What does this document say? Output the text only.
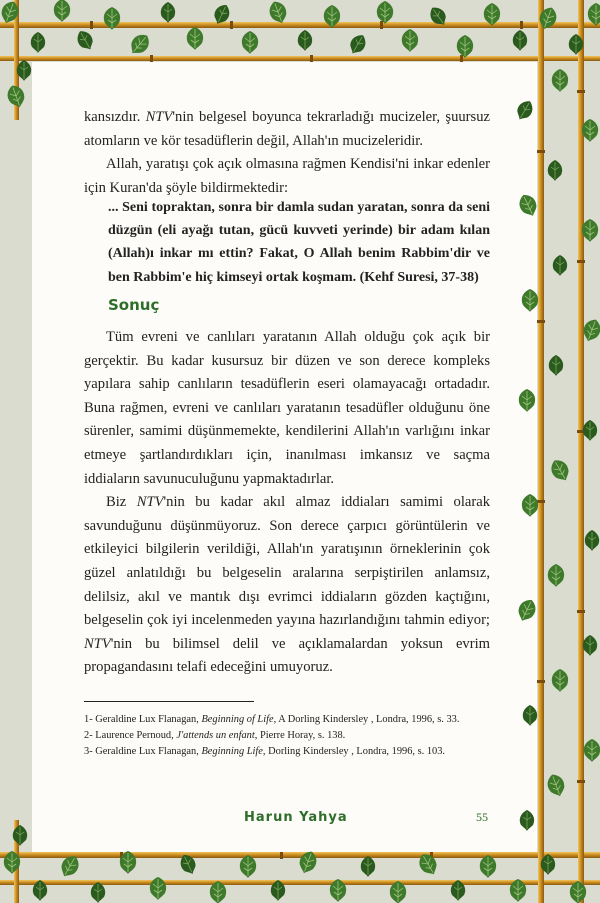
kansızdır. NTV'nin belgesel boyunca tekrarladığı mucizeler, şuursuz atomların ve kör tesadüflerin değil, Allah'ın mucizeleridir.

Allah, yaratışı çok açık olmasına rağmen Kendisi'ni inkar edenler için Kuran'da şöyle bildirmektedir:

... Seni topraktan, sonra bir damla sudan yaratan, sonra da seni düzgün (eli ayağı tutan, gücü kuvveti yerinde) bir adam kılan (Allah)ı inkar mı ettin? Fakat, O Allah benim Rabbim'dir ve ben Rabbim'e hiç kimseyi ortak koşmam. (Kehf Suresi, 37-38)
Sonuç

Tüm evreni ve canlıları yaratanın Allah olduğu çok açık bir gerçektir. Bu kadar kusursuz bir düzen ve son derece kompleks yapılara sahip canlıların tesadüflerin eseri olamayacağı ortadadır. Buna rağmen, evreni ve canlıları yaratanın tesadüfler olduğunu öne sürenler, samimi düşünmemekte, kendilerini Allah'ın varlığını inkar etmeye şartlandırdıkları için, inanılması imkansız ve saçma iddiaların savunuculuğunu yapmaktadırlar.

Biz NTV'nin bu kadar akıl almaz iddiaları samimi olarak savunduğunu düşünmüyoruz. Son derece çarpıcı görüntülerin ve etkileyici bilgilerin verildiği, Allah'ın yaratışının örneklerinin çok güzel anlatıldığı bu belgeselin aralarına serpiştirilen anlamsız, delilsiz, akıl ve mantık dışı evrimci iddiaların gözden kaçtığını, belgeselin çok iyi incelenmeden yayına hazırlandığını tahmin ediyor; NTV'nin bu bilimsel delil ve açıklamalardan yoksun evrim propagandasını telafi edeceğini umuyoruz.

1- Geraldine Lux Flanagan, Beginning of Life, A Dorling Kindersley , Londra, 1996, s. 33.
2- Laurence Pernoud, J'attends un enfant, Pierre Horay, s. 138.
3- Geraldine Lux Flanagan, Beginning Life, Dorling Kindersley , Londra, 1996, s. 103.
Harun Yahya	55
